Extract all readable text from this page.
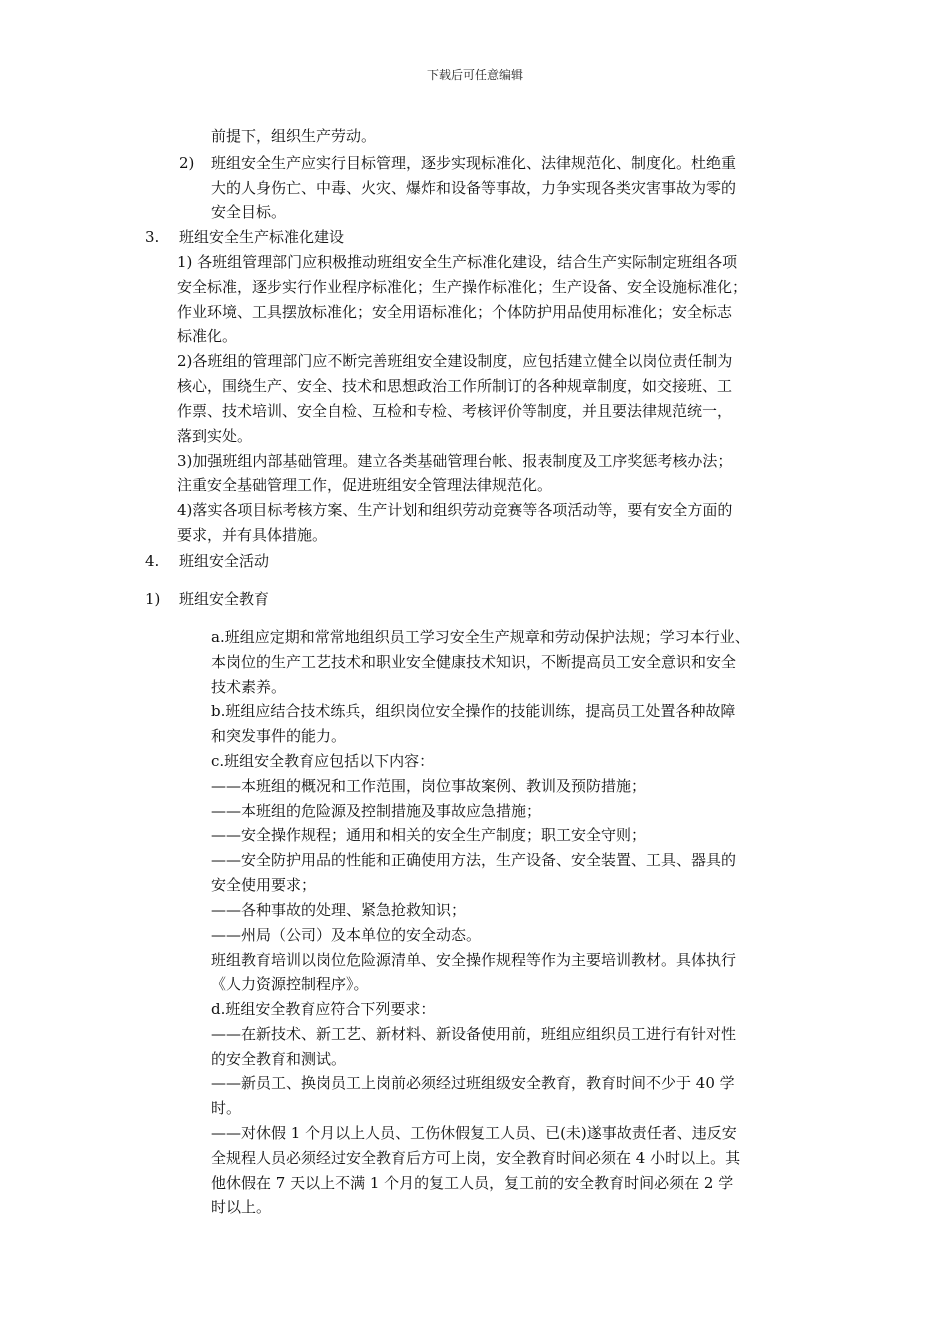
下载后可任意编辑
前提下，组织生产劳动。
2) 班组安全生产应实行目标管理，逐步实现标准化、法律规范化、制度化。杜绝重
大的人身伤亡、中毒、火灾、爆炸和设备等事故，力争实现各类灾害事故为零的
安全目标。
3. 班组安全生产标准化建设
1) 各班组管理部门应积极推动班组安全生产标准化建设，结合生产实际制定班组各项
安全标准，逐步实行作业程序标准化；生产操作标准化；生产设备、安全设施标准化；
作业环境、工具摆放标准化；安全用语标准化；个体防护用品使用标准化；安全标志
标准化。
2)各班组的管理部门应不断完善班组安全建设制度，应包括建立健全以岗位责任制为
核心，围绕生产、安全、技术和思想政治工作所制订的各种规章制度，如交接班、工
作票、技术培训、安全自检、互检和专检、考核评价等制度，并且要法律规范统一，
落到实处。
3)加强班组内部基础管理。建立各类基础管理台帐、报表制度及工序奖惩考核办法；
注重安全基础管理工作，促进班组安全管理法律规范化。
4)落实各项目标考核方案、生产计划和组织劳动竞赛等各项活动等，要有安全方面的
要求，并有具体措施。
4. 班组安全活动
1) 班组安全教育
a.班组应定期和常常地组织员工学习安全生产规章和劳动保护法规；学习本行业、
本岗位的生产工艺技术和职业安全健康技术知识，不断提高员工安全意识和安全
技术素养。
b.班组应结合技术练兵，组织岗位安全操作的技能训练，提高员工处置各种故障
和突发事件的能力。
c.班组安全教育应包括以下内容：
——本班组的概况和工作范围，岗位事故案例、教训及预防措施；
——本班组的危险源及控制措施及事故应急措施；
——安全操作规程；通用和相关的安全生产制度；职工安全守则；
——安全防护用品的性能和正确使用方法，生产设备、安全装置、工具、器具的
安全使用要求；
——各种事故的处理、紧急抢救知识；
——州局（公司）及本单位的安全动态。
班组教育培训以岗位危险源清单、安全操作规程等作为主要培训教材。具体执行
《人力资源控制程序》。
d.班组安全教育应符合下列要求：
——在新技术、新工艺、新材料、新设备使用前，班组应组织员工进行有针对性
的安全教育和测试。
——新员工、换岗员工上岗前必须经过班组级安全教育，教育时间不少于 40 学
时。
——对休假 1 个月以上人员、工伤休假复工人员、已(未)遂事故责任者、违反安
全规程人员必须经过安全教育后方可上岗，安全教育时间必须在 4 小时以上。其
他休假在 7 天以上不满 1 个月的复工人员，复工前的安全教育时间必须在 2 学
时以上。
